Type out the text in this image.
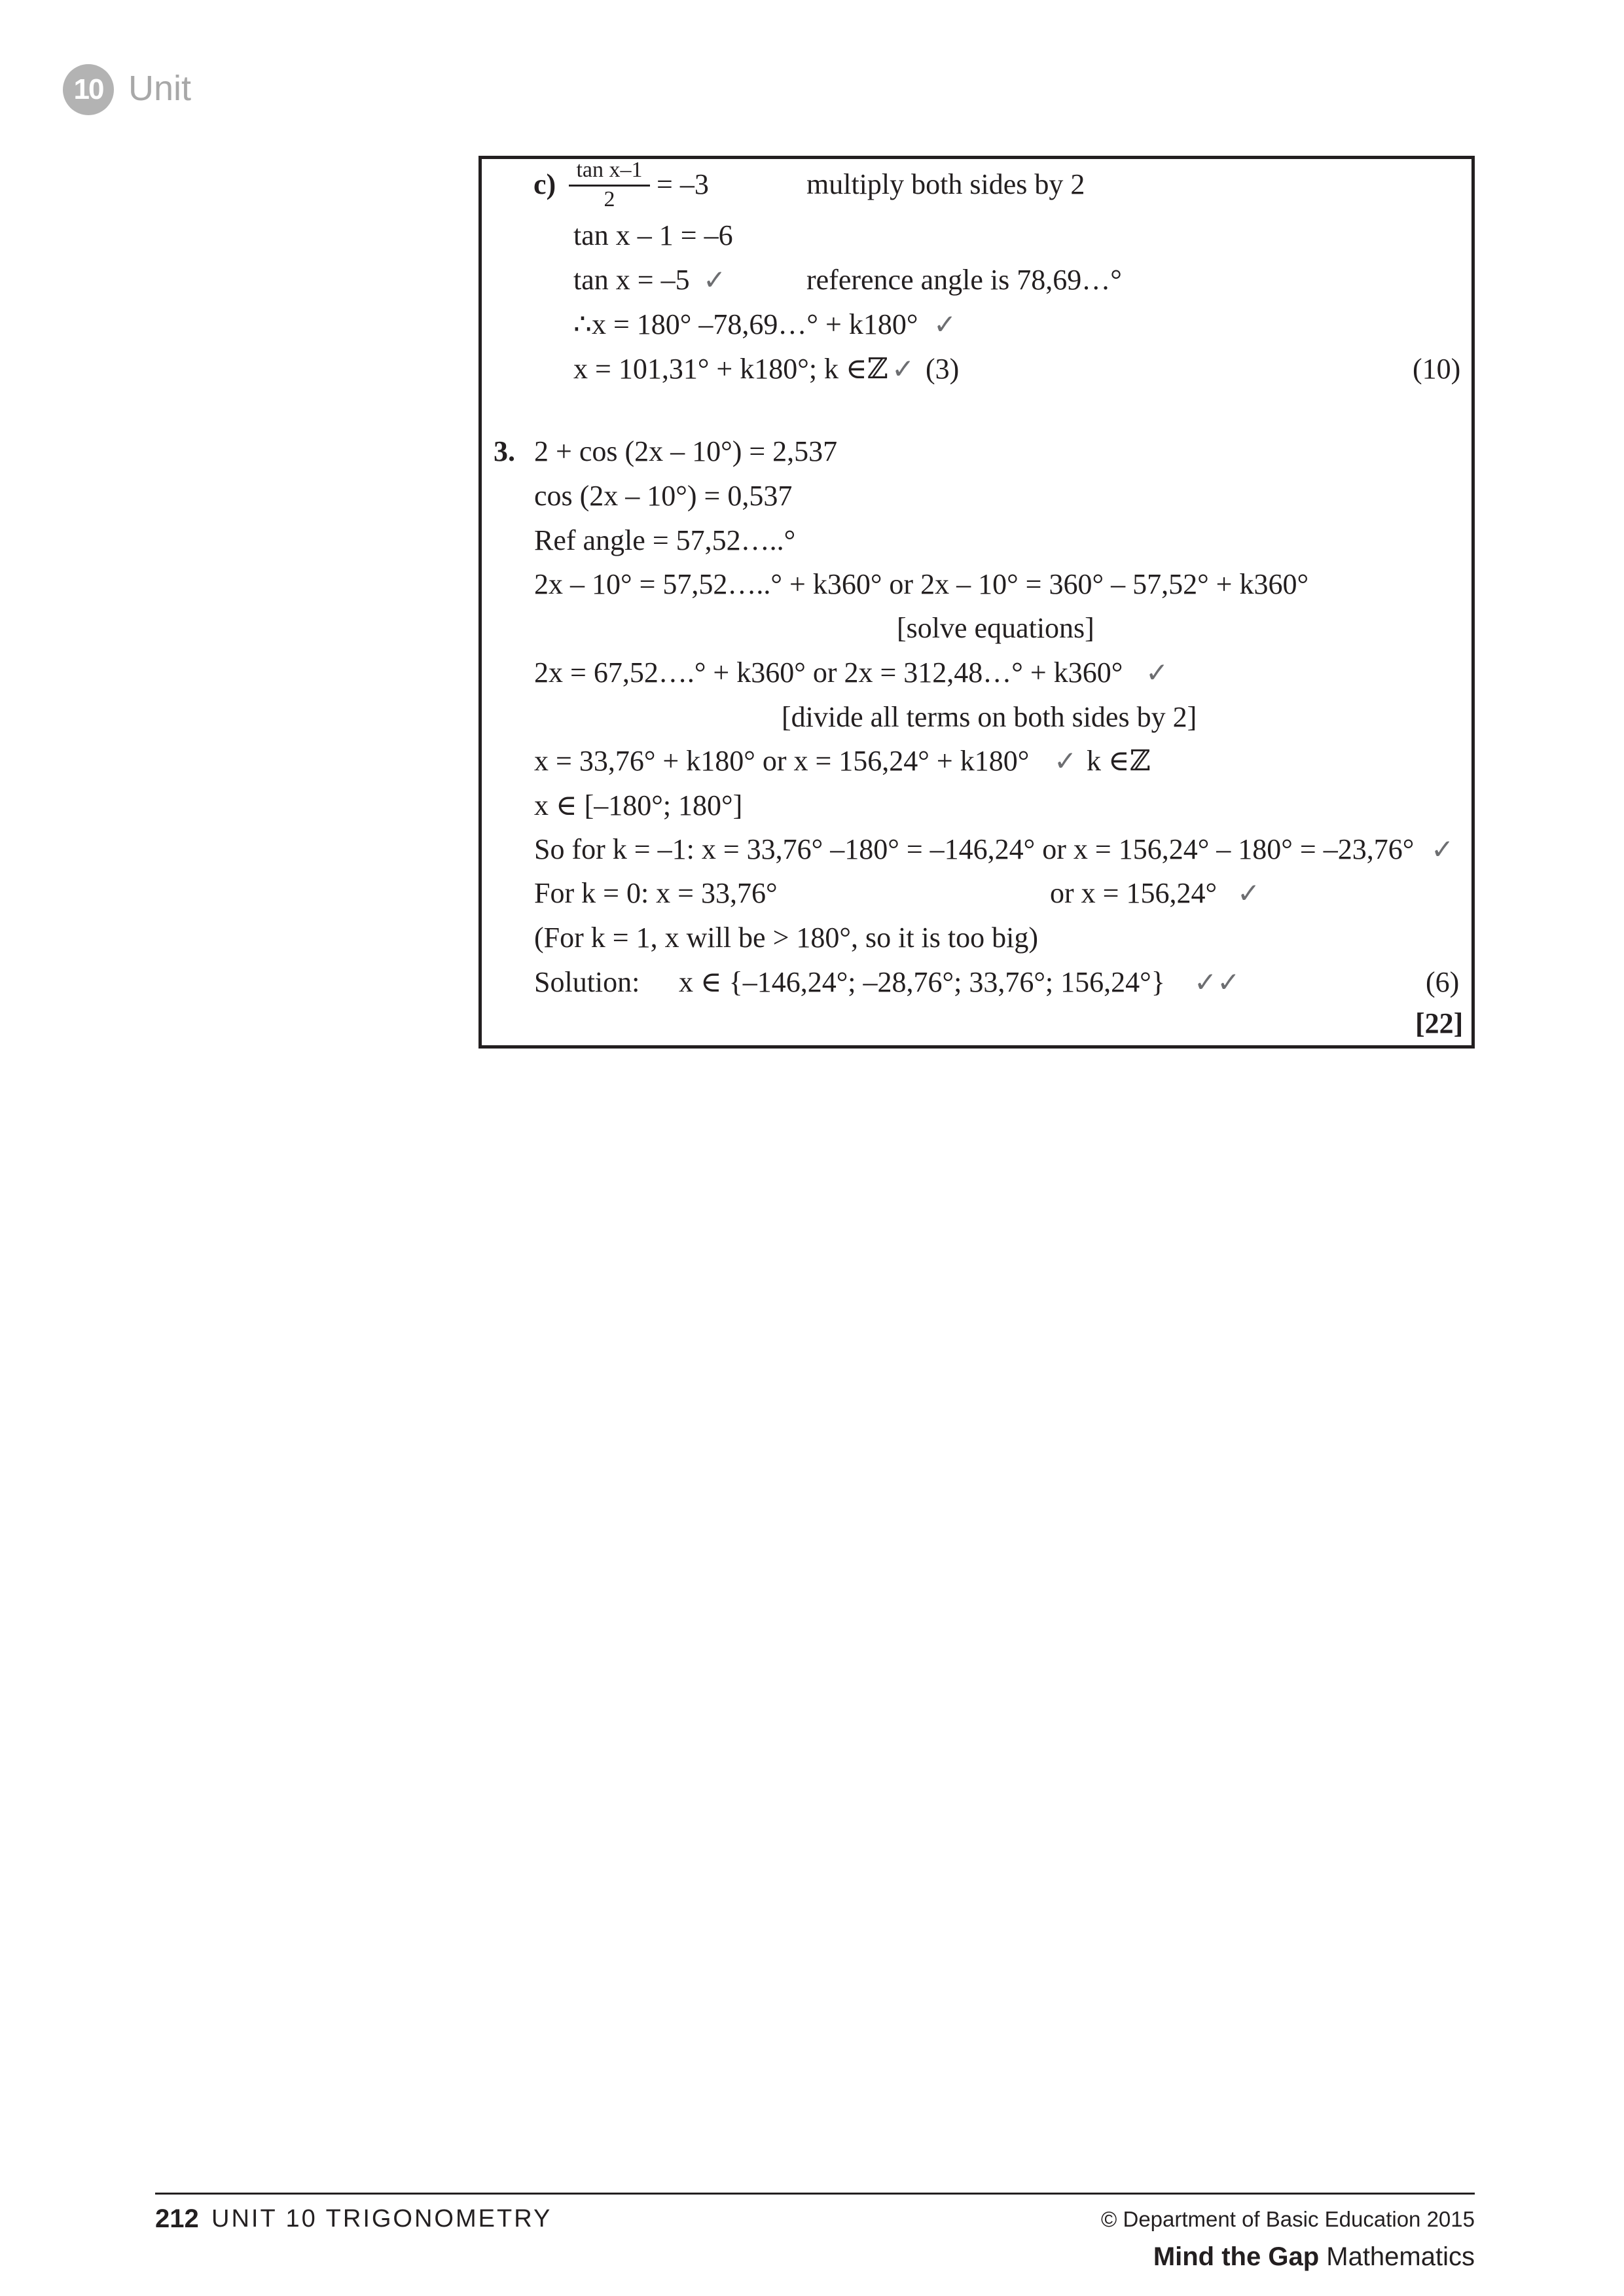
10 Unit
$c) \frac{\text{tan x–1}}{2} = -3$	multiply both sides by 2
tan x – 1 = –6
tan x = –5 ✓	reference angle is 78,69…°
∴x = 180° –78,69…° + k180° ✓
x = 101,31° + k180°; k ∈ℤ ✓ (3)	(10)
3. 2 + cos (2x – 10°) = 2,537
cos (2x – 10°) = 0,537
Ref angle = 57,52…..°
2x – 10° = 57,52…..° + k360° or 2x – 10° = 360° – 57,52° + k360°
[solve equations]
2x = 67,52….° + k360° or 2x = 312,48…° + k360° ✓
[divide all terms on both sides by 2]
x = 33,76° + k180° or x = 156,24° + k180° ✓ k ∈ℤ
x ∈ [–180°; 180°]
So for k = –1: x = 33,76° –180° = –146,24° or x = 156,24° – 180° = –23,76° ✓
For k = 0: x = 33,76°	or x = 156,24° ✓
(For k = 1, x will be > 180°, so it is too big)
Solution: x ∈ {–146,24°; –28,76°; 33,76°; 156,24°} ✓✓	(6)
[22]
212 UNIT 10 TRIGONOMETRY	© Department of Basic Education 2015
Mind the Gap Mathematics
